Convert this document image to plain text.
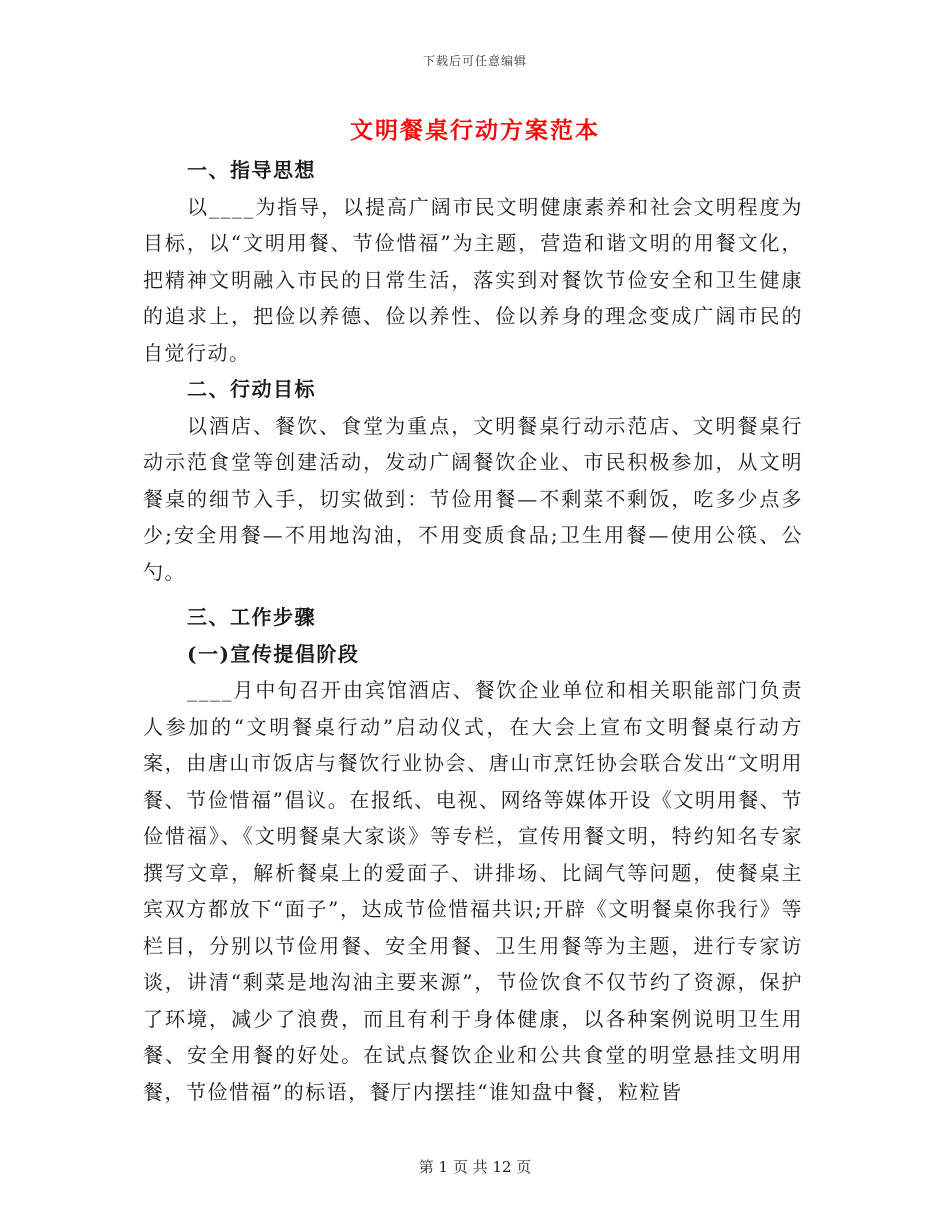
下载后可任意编辑
文明餐桌行动方案范本

一、指导思想

以____为指导，以提高广阔市民文明健康素养和社会文明程度为目标，以“文明用餐、节俭惜福”为主题，营造和谐文明的用餐文化，把精神文明融入市民的日常生活，落实到对餐饮节俭安全和卫生健康的追求上，把俭以养德、俭以养性、俭以养身的理念变成广阔市民的自觉行动。

二、行动目标

以酒店、餐饮、食堂为重点，文明餐桌行动示范店、文明餐桌行动示范食堂等创建活动，发动广阔餐饮企业、市民积极参加，从文明餐桌的细节入手，切实做到：节俭用餐—不剩菜不剩饭，吃多少点多少;安全用餐—不用地沟油，不用变质食品;卫生用餐—使用公筷、公勺。

三、工作步骤

(一)宣传提倡阶段

____月中旬召开由宾馆酒店、餐饮企业单位和相关职能部门负责人参加的“文明餐桌行动”启动仪式，在大会上宣布文明餐桌行动方案，由唐山市饭店与餐饮行业协会、唐山市烹饪协会联合发出“文明用餐、节俭惜福”倡议。在报纸、电视、网络等媒体开设《文明用餐、节俭惜福》、《文明餐桌大家谈》等专栏，宣传用餐文明，特约知名专家撰写文章，解析餐桌上的爱面子、讲排场、比阔气等问题，使餐桌主宾双方都放下“面子”，达成节俭惜福共识;开辟《文明餐桌你我行》等栏目，分别以节俭用餐、安全用餐、卫生用餐等为主题，进行专家访谈，讲清“剩菜是地沟油主要来源”，节俭饮食不仅节约了资源，保护了环境，减少了浪费，而且有利于身体健康，以各种案例说明卫生用餐、安全用餐的好处。在试点餐饮企业和公共食堂的明堂悬挂文明用餐，节俭惜福”的标语，餐厅内摆挂“谁知盘中餐，粒粒皆

第 1 页 共 12 页
